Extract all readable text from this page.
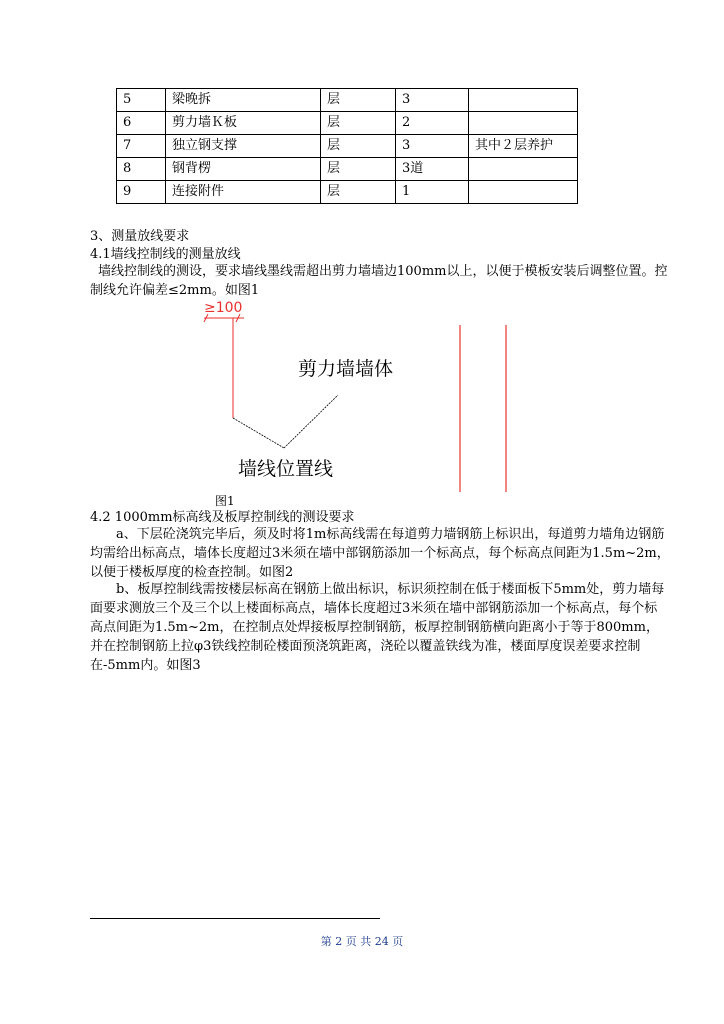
5	梁晚拆	层	3	
6	剪力墙Ｋ板	层	2	
7	独立钢支撑	层	3	其中２层养护
8	钢背楞	层	3道	
9	连接附件	层	1	
3、测量放线要求
4.1墙线控制线的测量放线
墙线控制线的测设，要求墙线墨线需超出剪力墙墙边100mm以上，以便于模板安装后调整位置。控制线允许偏差≤2mm。如图1
≥100
剪力墙墙体
墙线位置线
图1
4.2 1000mm标高线及板厚控制线的测设要求
a、下层砼浇筑完毕后，须及时将1m标高线需在每道剪力墙钢筋上标识出，每道剪力墙角边钢筋均需给出标高点，墙体长度超过3米须在墙中部钢筋添加一个标高点，每个标高点间距为1.5m~2m，以便于楼板厚度的检查控制。如图2
b、板厚控制线需按楼层标高在钢筋上做出标识，标识须控制在低于楼面板下5mm处，剪力墙每面要求测放三个及三个以上楼面标高点，墙体长度超过3米须在墙中部钢筋添加一个标高点，每个标高点间距为1.5m~2m，在控制点处焊接板厚控制钢筋，板厚控制钢筋横向距离小于等于800mm，并在控制钢筋上拉φ3铁线控制砼楼面预浇筑距离，浇砼以覆盖铁线为准，楼面厚度误差要求控制在-5mm内。如图3
第 2 页 共 24 页
